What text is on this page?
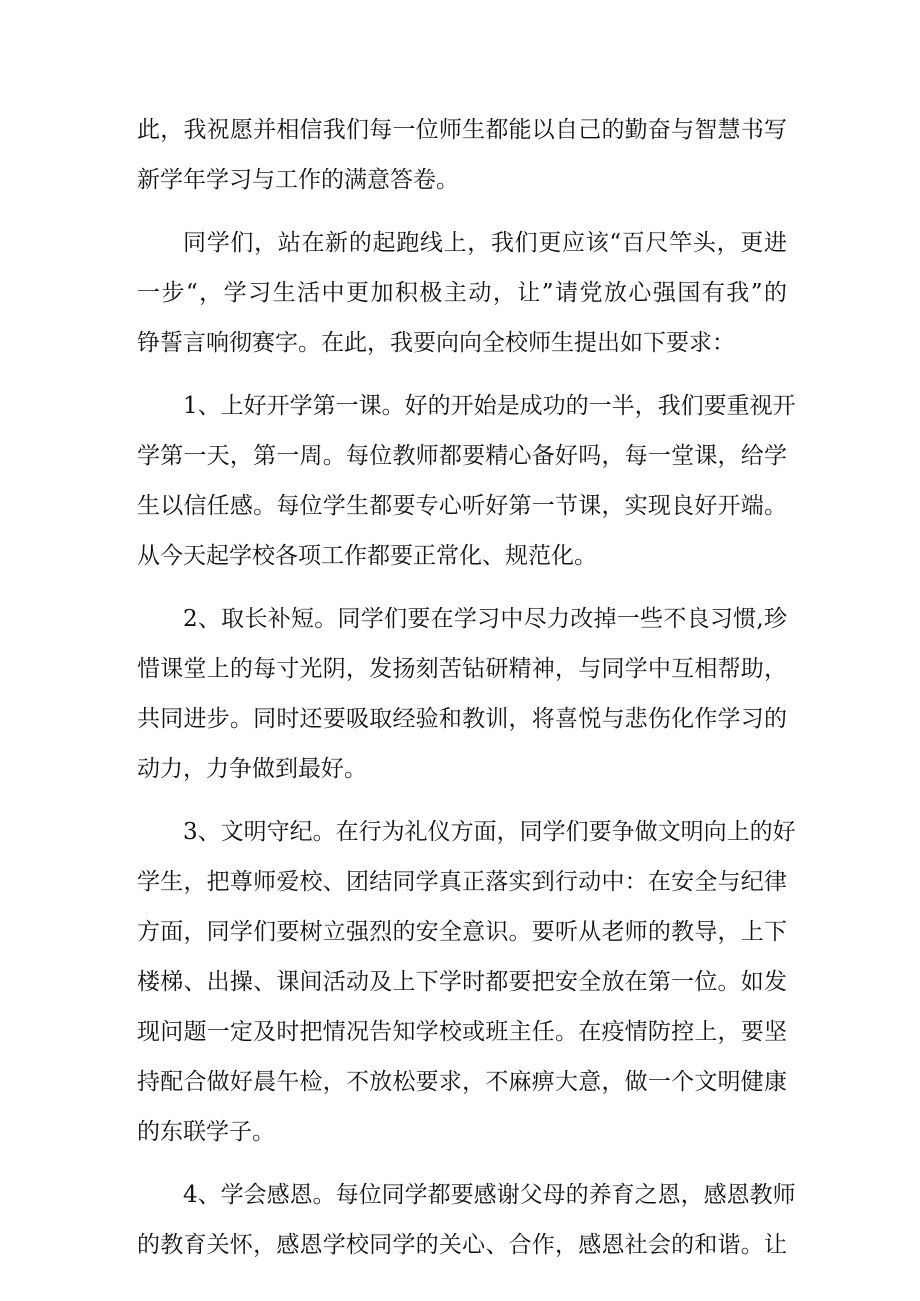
此，我祝愿并相信我们每一位师生都能以自己的勤奋与智慧书写
新学年学习与工作的满意答卷。
同学们，站在新的起跑线上，我们更应该“百尺竿头，更进
一步“，学习生活中更加积极主动，让”请党放心强国有我”的
铮誓言响彻赛字。在此，我要向向全校师生提出如下要求：
1、上好开学第一课。好的开始是成功的一半，我们要重视开
学第一天，第一周。每位教师都要精心备好吗，每一堂课，给学
生以信任感。每位学生都要专心听好第一节课，实现良好开端。
从今天起学校各项工作都要正常化、规范化。
2、取长补短。同学们要在学习中尽力改掉一些不良习惯,珍
惜课堂上的每寸光阴，发扬刻苦钻研精神，与同学中互相帮助，
共同进步。同时还要吸取经验和教训，将喜悦与悲伤化作学习的
动力，力争做到最好。
3、文明守纪。在行为礼仪方面，同学们要争做文明向上的好
学生，把尊师爱校、团结同学真正落实到行动中：在安全与纪律
方面，同学们要树立强烈的安全意识。要听从老师的教导，上下
楼梯、出操、课间活动及上下学时都要把安全放在第一位。如发
现问题一定及时把情况告知学校或班主任。在疫情防控上，要坚
持配合做好晨午检，不放松要求，不麻痹大意，做一个文明健康
的东联学子。
4、学会感恩。每位同学都要感谢父母的养育之恩，感恩教师
的教育关怀，感恩学校同学的关心、合作，感恩社会的和谐。让
